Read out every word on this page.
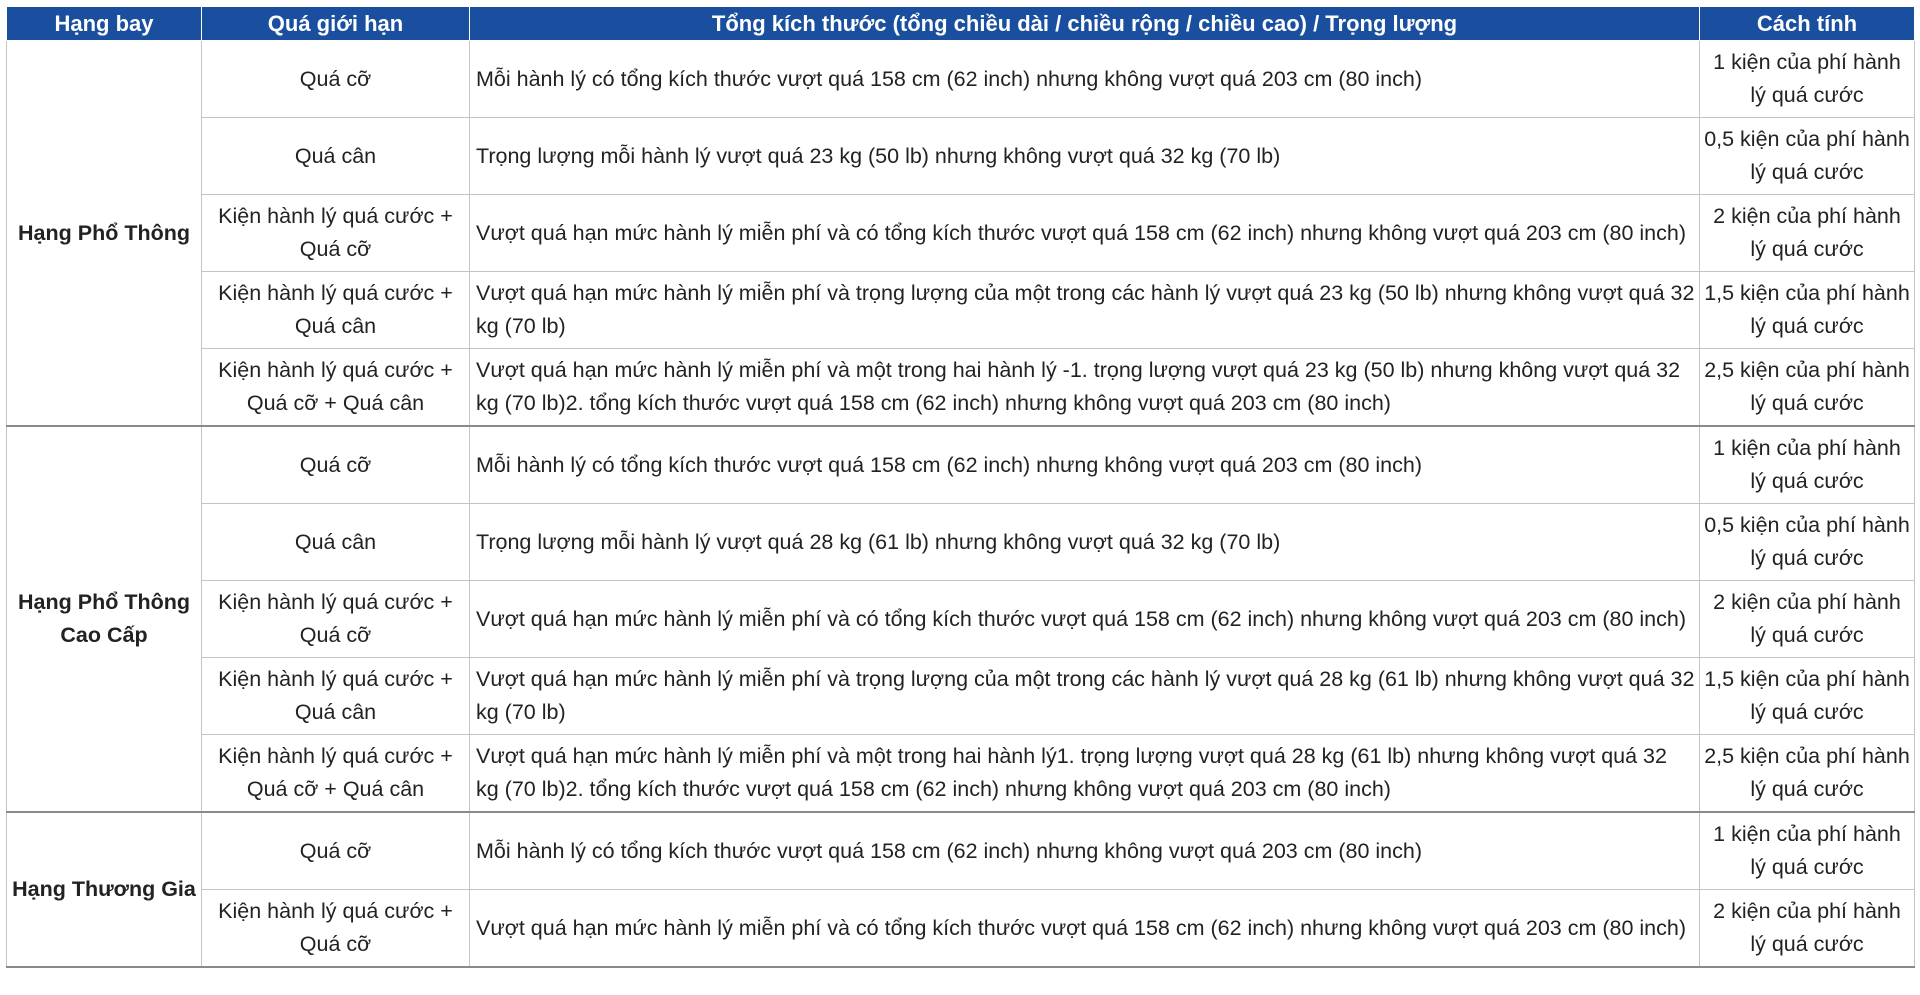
Hạng bay	Quá giới hạn	Tổng kích thước (tổng chiều dài / chiều rộng / chiều cao) / Trọng lượng	Cách tính
Hạng Phổ Thông	Quá cỡ	Mỗi hành lý có tổng kích thước vượt quá 158 cm (62 inch) nhưng không vượt quá 203 cm (80 inch)	1 kiện của phí hành lý quá cước
	Quá cân	Trọng lượng mỗi hành lý vượt quá 23 kg (50 lb) nhưng không vượt quá 32 kg (70 lb)	0,5 kiện của phí hành lý quá cước
	Kiện hành lý quá cước + Quá cỡ	Vượt quá hạn mức hành lý miễn phí và có tổng kích thước vượt quá 158 cm (62 inch) nhưng không vượt quá 203 cm (80 inch)	2 kiện của phí hành lý quá cước
	Kiện hành lý quá cước + Quá cân	Vượt quá hạn mức hành lý miễn phí và trọng lượng của một trong các hành lý vượt quá 23 kg (50 lb) nhưng không vượt quá 32 kg (70 lb)	1,5 kiện của phí hành lý quá cước
	Kiện hành lý quá cước + Quá cỡ + Quá cân	Vượt quá hạn mức hành lý miễn phí và một trong hai hành lý -1. trọng lượng vượt quá 23 kg (50 lb) nhưng không vượt quá 32 kg (70 lb)2. tổng kích thước vượt quá 158 cm (62 inch) nhưng không vượt quá 203 cm (80 inch)	2,5 kiện của phí hành lý quá cước
Hạng Phổ Thông Cao Cấp	Quá cỡ	Mỗi hành lý có tổng kích thước vượt quá 158 cm (62 inch) nhưng không vượt quá 203 cm (80 inch)	1 kiện của phí hành lý quá cước
	Quá cân	Trọng lượng mỗi hành lý vượt quá 28 kg (61 lb) nhưng không vượt quá 32 kg (70 lb)	0,5 kiện của phí hành lý quá cước
	Kiện hành lý quá cước + Quá cỡ	Vượt quá hạn mức hành lý miễn phí và có tổng kích thước vượt quá 158 cm (62 inch) nhưng không vượt quá 203 cm (80 inch)	2 kiện của phí hành lý quá cước
	Kiện hành lý quá cước + Quá cân	Vượt quá hạn mức hành lý miễn phí và trọng lượng của một trong các hành lý vượt quá 28 kg (61 lb) nhưng không vượt quá 32 kg (70 lb)	1,5 kiện của phí hành lý quá cước
	Kiện hành lý quá cước + Quá cỡ + Quá cân	Vượt quá hạn mức hành lý miễn phí và một trong hai hành lý1. trọng lượng vượt quá 28 kg (61 lb) nhưng không vượt quá 32 kg (70 lb)2. tổng kích thước vượt quá 158 cm (62 inch) nhưng không vượt quá 203 cm (80 inch)	2,5 kiện của phí hành lý quá cước
Hạng Thương Gia	Quá cỡ	Mỗi hành lý có tổng kích thước vượt quá 158 cm (62 inch) nhưng không vượt quá 203 cm (80 inch)	1 kiện của phí hành lý quá cước
	Kiện hành lý quá cước + Quá cỡ	Vượt quá hạn mức hành lý miễn phí và có tổng kích thước vượt quá 158 cm (62 inch) nhưng không vượt quá 203 cm (80 inch)	2 kiện của phí hành lý quá cước
